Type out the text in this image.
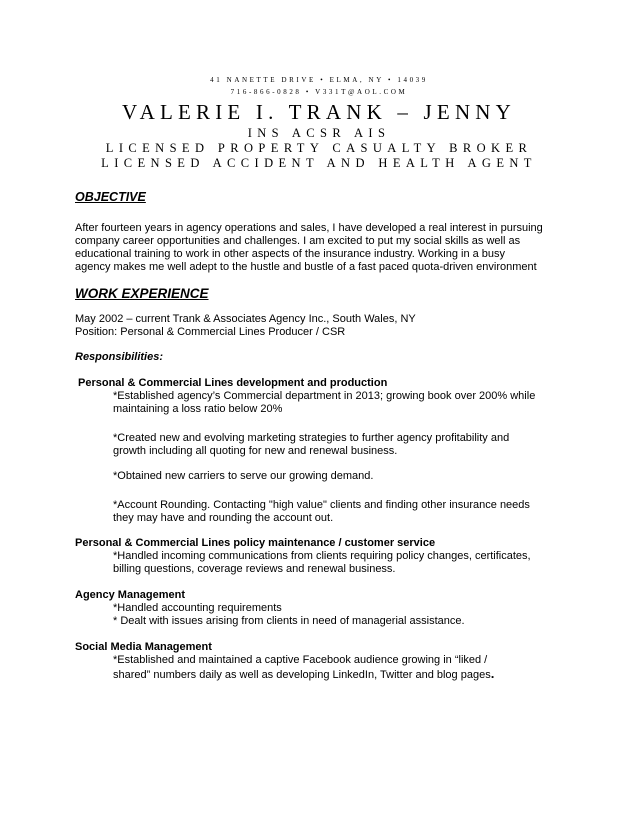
41 NANETTE DRIVE • ELMA, NY • 14039
716-866-0828 • V331T@AOL.COM
VALERIE I. TRANK – JENNY
INS ACSR AIS
LICENSED PROPERTY CASUALTY BROKER
LICENSED ACCIDENT AND HEALTH AGENT
OBJECTIVE
After fourteen years in agency operations and sales, I have developed a real interest in pursuing
company career opportunities and challenges. I am excited to put my social skills as well as
educational training to work in other aspects of the insurance industry. Working in a busy
agency makes me well adept to the hustle and bustle of a fast paced quota-driven environment
WORK EXPERIENCE
May 2002 – current Trank & Associates Agency Inc., South Wales, NY
Position: Personal & Commercial Lines Producer / CSR
Responsibilities:
Personal & Commercial Lines development and production
*Established agency’s Commercial department in 2013; growing book over 200% while
maintaining a loss ratio below 20%
*Created new and evolving marketing strategies to further agency profitability and
growth including all quoting for new and renewal business.
*Obtained new carriers to serve our growing demand.
*Account Rounding. Contacting "high value" clients and finding other insurance needs
they may have and rounding the account out.
Personal & Commercial Lines policy maintenance / customer service
*Handled incoming communications from clients requiring policy changes, certificates,
billing questions, coverage reviews and renewal business.
Agency Management
*Handled accounting requirements
* Dealt with issues arising from clients in need of managerial assistance.
Social Media Management
*Established and maintained a captive Facebook audience growing in “liked /
shared” numbers daily as well as developing LinkedIn, Twitter and blog pages.
